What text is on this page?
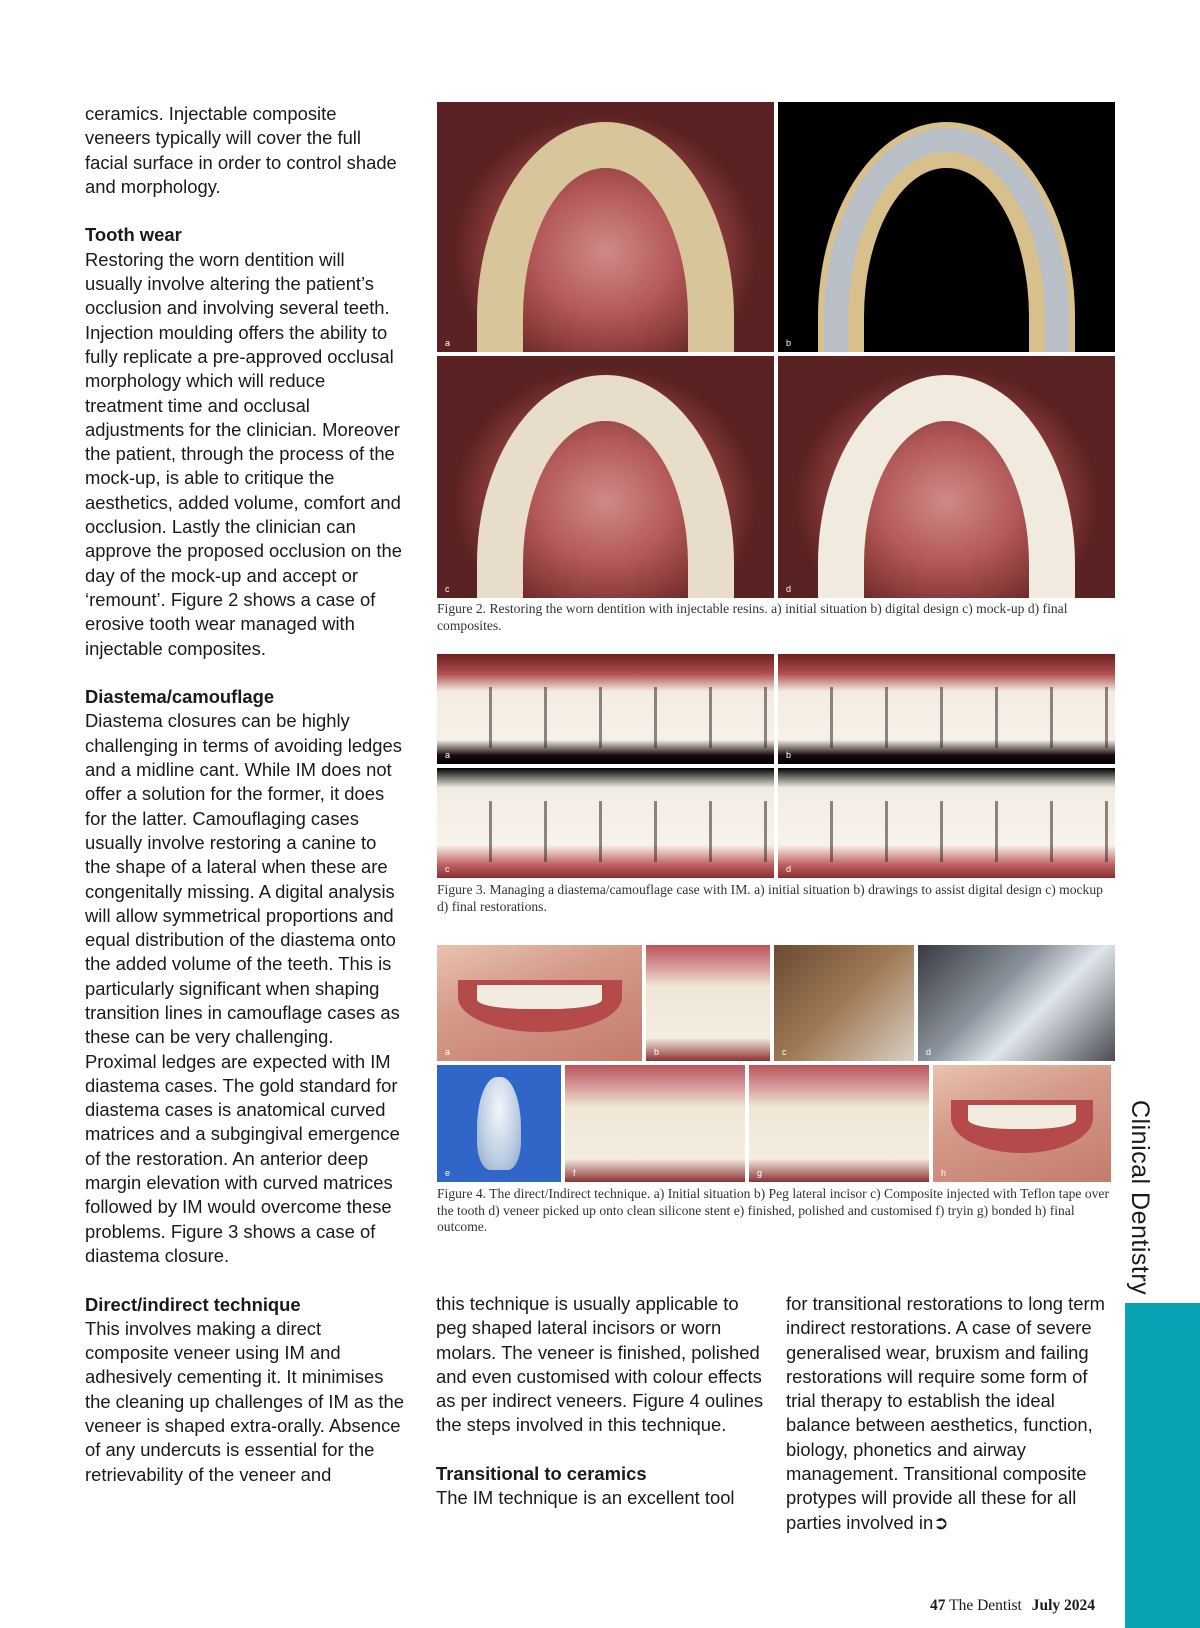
ceramics. Injectable composite veneers typically will cover the full facial surface in order to control shade and morphology.

Tooth wear

Restoring the worn dentition will usually involve altering the patient’s occlusion and involving several teeth. Injection moulding offers the ability to fully replicate a pre-approved occlusal morphology which will reduce treatment time and occlusal adjustments for the clinician. Moreover the patient, through the process of the mock-up, is able to critique the aesthetics, added volume, comfort and occlusion. Lastly the clinician can approve the proposed occlusion on the day of the mock-up and accept or ‘remount’. Figure 2 shows a case of erosive tooth wear managed with injectable composites.

Diastema/camouflage

Diastema closures can be highly challenging in terms of avoiding ledges and a midline cant. While IM does not offer a solution for the former, it does for the latter. Camouflaging cases usually involve restoring a canine to the shape of a lateral when these are congenitally missing. A digital analysis will allow symmetrical proportions and equal distribution of the diastema onto the added volume of the teeth. This is particularly significant when shaping transition lines in camouflage cases as these can be very challenging. Proximal ledges are expected with IM diastema cases. The gold standard for diastema cases is anatomical curved matrices and a subgingival emergence of the restoration. An anterior deep margin elevation with curved matrices followed by IM would overcome these problems. Figure 3 shows a case of diastema closure.

Direct/indirect technique

This involves making a direct composite veneer using IM and adhesively cementing it. It minimises the cleaning up challenges of IM as the veneer is shaped extra-orally. Absence of any undercuts is essential for the retrievability of the veneer and

a	b
c	d
Figure 2. Restoring the worn dentition with injectable resins. a) initial situation b) digital design c) mock-up d) final composites.
a	b
c	d
Figure 3. Managing a diastema/camouflage case with IM. a) initial situation b) drawings to assist digital design c) mockup d) final restorations.
a	b	c	d
e	f	g	h
Figure 4. The direct/Indirect technique. a) Initial situation b) Peg lateral incisor c) Composite injected with Teflon tape over the tooth d) veneer picked up onto clean silicone stent e) finished, polished and customised f) tryin g) bonded h) final outcome.

this technique is usually applicable to peg shaped lateral incisors or worn molars. The veneer is finished, polished and even customised with colour effects as per indirect veneers. Figure 4 oulines the steps involved in this technique.

Transitional to ceramics

The IM technique is an excellent tool

for transitional restorations to long term indirect restorations. A case of severe generalised wear, bruxism and failing restorations will require some form of trial therapy to establish the ideal balance between aesthetics, function, biology, phonetics and airway management. Transitional composite protypes will provide all these for all parties involved in➲

Clinical Dentistry
47 The Dentist July 2024
